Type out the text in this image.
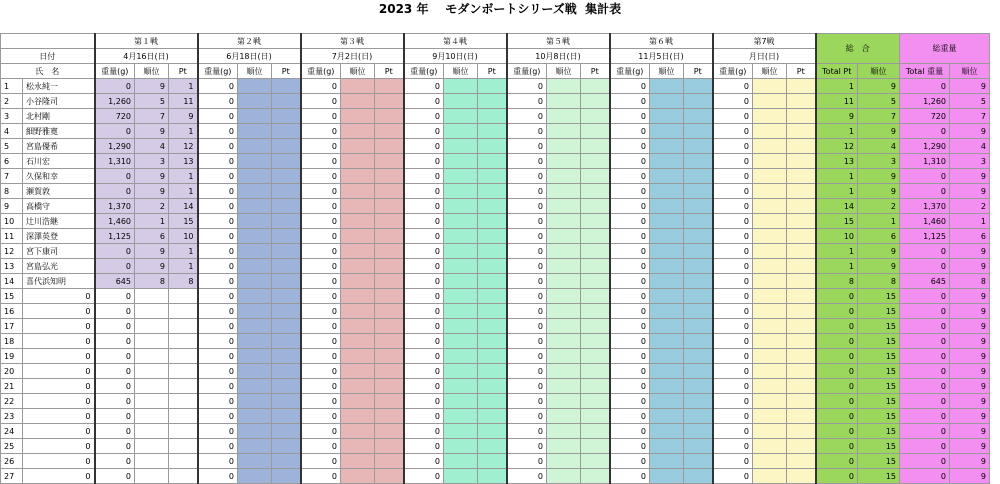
2023 年 モダンボートシリーズ戦 集計表
		第１戦			第２戦			第３戦			第４戦			第５戦			第６戦			第7戦			総　合		総重量	
日付		4月16日(日)			6月18日(日)			7月2日(日)			9月10日(日)			10月8日(日)			11月5日(日)			月日(日)						
氏　名		重量(g)	順位	Pt	重量(g)	順位	Pt	重量(g)	順位	Pt	重量(g)	順位	Pt	重量(g)	順位	Pt	重量(g)	順位	Pt	重量(g)	順位	Pt	Total Pt	順位	Total 重量	順位
1	松永純一	0	9	1	0			0			0			0			0			0			1	9	0	9
2	小谷隆司	1,260	5	11	0			0			0			0			0			0			11	5	1,260	5
3	北村剛	720	7	9	0			0			0			0			0			0			9	7	720	7
4	細野雅寛	0	9	1	0			0			0			0			0			0			1	9	0	9
5	宮島優希	1,290	4	12	0			0			0			0			0			0			12	4	1,290	4
6	石川宏	1,310	3	13	0			0			0			0			0			0			13	3	1,310	3
7	久保和幸	0	9	1	0			0			0			0			0			0			1	9	0	9
8	瀬賀敦	0	9	1	0			0			0			0			0			0			1	9	0	9
9	高橋守	1,370	2	14	0			0			0			0			0			0			14	2	1,370	2
10	辻川浩継	1,460	1	15	0			0			0			0			0			0			15	1	1,460	1
11	深澤英登	1,125	6	10	0			0			0			0			0			0			10	6	1,125	6
12	宮下康司	0	9	1	0			0			0			0			0			0			1	9	0	9
13	宮島弘光	0	9	1	0			0			0			0			0			0			1	9	0	9
14	喜代浜知明	645	8	8	0			0			0			0			0			0			8	8	645	8
15	0	0			0			0			0			0			0			0			0	15	0	9
16	0	0			0			0			0			0			0			0			0	15	0	9
17	0	0			0			0			0			0			0			0			0	15	0	9
18	0	0			0			0			0			0			0			0			0	15	0	9
19	0	0			0			0			0			0			0			0			0	15	0	9
20	0	0			0			0			0			0			0			0			0	15	0	9
21	0	0			0			0			0			0			0			0			0	15	0	9
22	0	0			0			0			0			0			0			0			0	15	0	9
23	0	0			0			0			0			0			0			0			0	15	0	9
24	0	0			0			0			0			0			0			0			0	15	0	9
25	0	0			0			0			0			0			0			0			0	15	0	9
26	0	0			0			0			0			0			0			0			0	15	0	9
27	0	0			0			0			0			0			0			0			0	15	0	9
